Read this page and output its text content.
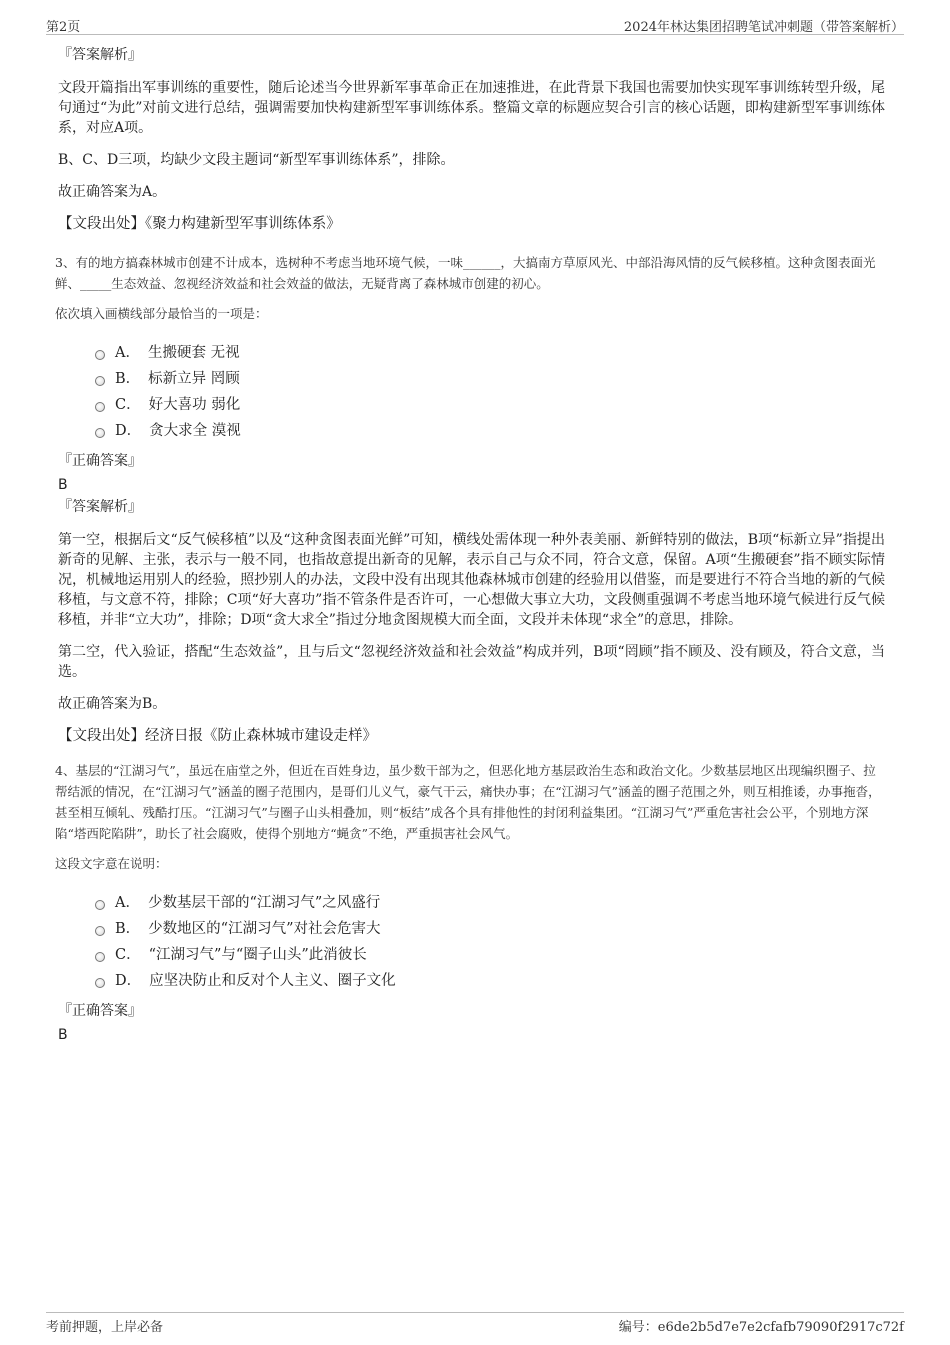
第2页	2024年林达集团招聘笔试冲刺题（带答案解析）
『答案解析』
文段开篇指出军事训练的重要性，随后论述当今世界新军事革命正在加速推进，在此背景下我国也需要加快实现军事训练转型升级，尾句通过“为此”对前文进行总结，强调需要加快构建新型军事训练体系。整篇文章的标题应契合引言的核心话题，即构建新型军事训练体系，对应A项。
B、C、D三项，均缺少文段主题词“新型军事训练体系”，排除。
故正确答案为A。
【文段出处】《聚力构建新型军事训练体系》
3、有的地方搞森林城市创建不计成本，选树种不考虑当地环境气候，一味______，大搞南方草原风光、中部沿海风情的反气候移植。这种贪图表面光鲜、_____生态效益、忽视经济效益和社会效益的做法，无疑背离了森林城市创建的初心。
依次填入画横线部分最恰当的一项是：
A． 生搬硬套 无视
B． 标新立异 罔顾
C． 好大喜功 弱化
D． 贪大求全 漠视
『正确答案』
B
『答案解析』
第一空，根据后文“反气候移植”以及“这种贪图表面光鲜”可知，横线处需体现一种外表美丽、新鲜特别的做法，B项“标新立异”指提出新奇的见解、主张，表示与一般不同，也指故意提出新奇的见解，表示自己与众不同，符合文意，保留。A项“生搬硬套”指不顾实际情况，机械地运用别人的经验，照抄别人的办法，文段中没有出现其他森林城市创建的经验用以借鉴，而是要进行不符合当地的新的气候移植，与文意不符，排除；C项“好大喜功”指不管条件是否许可，一心想做大事立大功，文段侧重强调不考虑当地环境气候进行反气候移植，并非“立大功”，排除；D项“贪大求全”指过分地贪图规模大而全面，文段并未体现“求全”的意思，排除。
第二空，代入验证，搭配“生态效益”，且与后文“忽视经济效益和社会效益”构成并列，B项“罔顾”指不顾及、没有顾及，符合文意，当选。
故正确答案为B。
【文段出处】经济日报《防止森林城市建设走样》
4、基层的“江湖习气”，虽远在庙堂之外，但近在百姓身边，虽少数干部为之，但恶化地方基层政治生态和政治文化。少数基层地区出现编织圈子、拉帮结派的情况，在“江湖习气”涵盖的圈子范围内，是哥们儿义气，豪气干云，痛快办事；在“江湖习气”涵盖的圈子范围之外，则互相推诿，办事拖沓，甚至相互倾轧、残酷打压。“江湖习气”与圈子山头相叠加，则“板结”成各个具有排他性的封闭利益集团。“江湖习气”严重危害社会公平，个别地方深陷“塔西陀陷阱”，助长了社会腐败，使得个别地方“蝇贪”不绝，严重损害社会风气。
这段文字意在说明：
A． 少数基层干部的“江湖习气”之风盛行
B． 少数地区的“江湖习气”对社会危害大
C． “江湖习气”与“圈子山头”此消彼长
D． 应坚决防止和反对个人主义、圈子文化
『正确答案』
B
考前押题，上岸必备	编号：e6de2b5d7e7e2cfafb79090f2917c72f
